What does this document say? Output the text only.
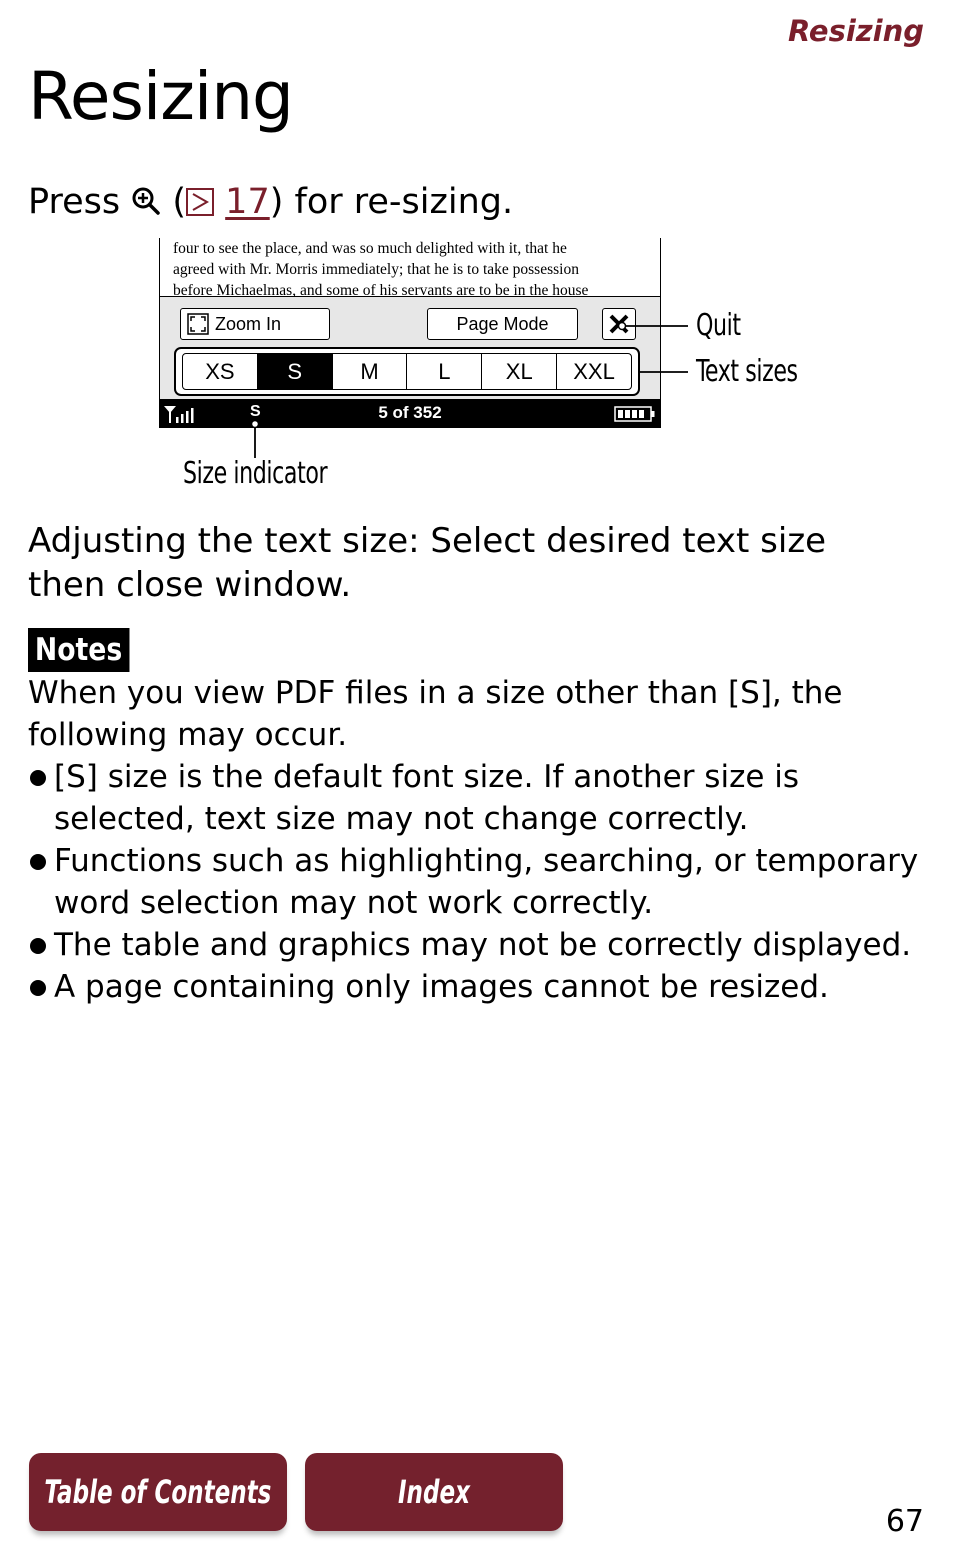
Resizing
Resizing
Press  ( 17) for re-sizing.
four to see the place, and was so much delighted with it, that he
agreed with Mr. Morris immediately; that he is to take possession
before Michaelmas, and some of his servants are to be in the house
Zoom In	Page Mode
XS	S	M	L	XL	XXL
S	5 of 352
Quit
Text sizes
Size indicator
Adjusting the text size: Select desired text size then close window.
Notes
When you view PDF files in a size other than [S], the following may occur.
[S] size is the default font size. If another size is selected, text size may not change correctly.
Functions such as highlighting, searching, or temporary word selection may not work correctly.
The table and graphics may not be correctly displayed.
A page containing only images cannot be resized.
Table of Contents	Index
67
